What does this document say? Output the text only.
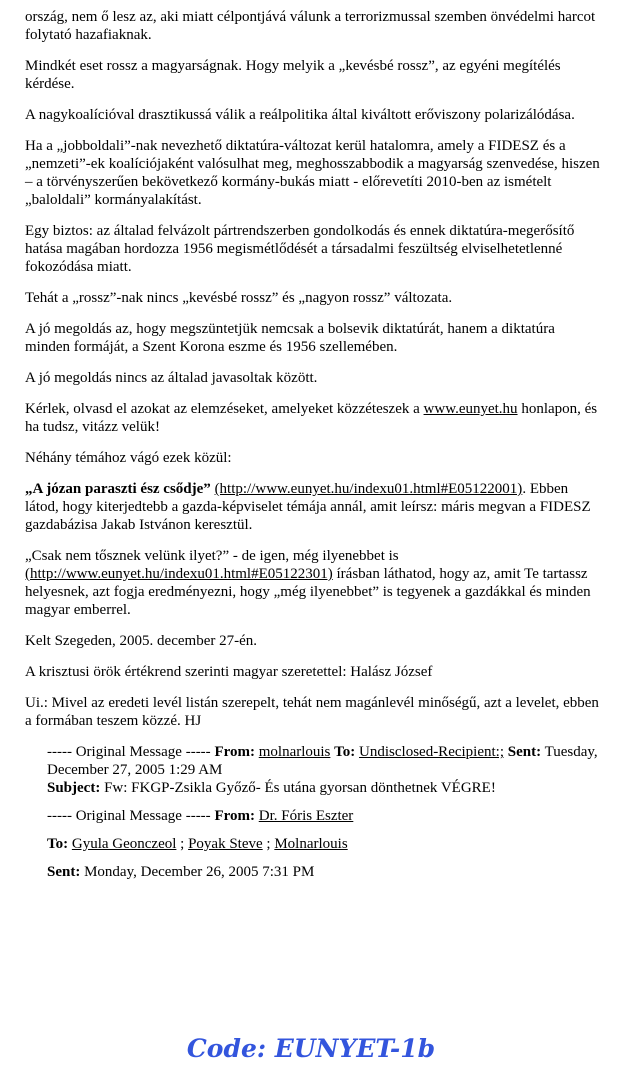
ország, nem ő lesz az, aki miatt célpontjává válunk a terrorizmussal szemben önvédelmi harcot folytató hazafiaknak.

Mindkét eset rossz a magyarságnak. Hogy melyik a „kevésbé rossz”, az egyéni megítélés kérdése.

A nagykoalícióval drasztikussá válik a reálpolitika által kiváltott erőviszony polarizálódása.

Ha a „jobboldali”-nak nevezhető diktatúra-változat kerül hatalomra, amely a FIDESZ és a „nemzeti”-ek koalíciójaként valósulhat meg, meghosszabbodik a magyarság szenvedése, hiszen – a törvényszerűen bekövetkező kormány-bukás miatt - előrevetíti 2010-ben az ismételt „baloldali” kormányalakítást.

Egy biztos: az általad felvázolt pártrendszerben gondolkodás és ennek diktatúra-megerősítő hatása magában hordozza 1956 megismétlődését a társadalmi feszültség elviselhetetlenné fokozódása miatt.

Tehát a „rossz”-nak nincs „kevésbé rossz” és „nagyon rossz” változata.

A jó megoldás az, hogy megszüntetjük nemcsak a bolsevik diktatúrát, hanem a diktatúra minden formáját, a Szent Korona eszme és 1956 szellemében.

A jó megoldás nincs az általad javasoltak között.

Kérlek, olvasd el azokat az elemzéseket, amelyeket közzéteszek a www.eunyet.hu honlapon, és ha tudsz, vitázz velük!

Néhány témához vágó ezek közül:

„A józan paraszti ész csődje” (http://www.eunyet.hu/indexu01.html#E05122001). Ebben látod, hogy kiterjedtebb a gazda-képviselet témája annál, amit leírsz: máris megvan a FIDESZ gazdabázisa Jakab Istvánon keresztül.

„Csak nem tősznek velünk ilyet?” - de igen, még ilyenebbet is (http://www.eunyet.hu/indexu01.html#E05122301) írásban láthatod, hogy az, amit Te tartassz helyesnek, azt fogja eredményezni, hogy „még ilyenebbet” is tegyenek a gazdákkal és minden magyar emberrel.

Kelt Szegeden, 2005. december 27-én.

A krisztusi örök értékrend szerinti magyar szeretettel: Halász József

Ui.: Mivel az eredeti levél listán szerepelt, tehát nem magánlevél minőségű, azt a levelet, ebben a formában teszem közzé. HJ

----- Original Message ----- From: molnarlouis To: Undisclosed-Recipient:; Sent: Tuesday, December 27, 2005 1:29 AM
Subject: Fw: FKGP-Zsikla Győző- És utána gyorsan dönthetnek VÉGRE!

----- Original Message ----- From: Dr. Fóris Eszter

To: Gyula Geonczeol ; Poyak Steve ; Molnarlouis

Sent: Monday, December 26, 2005 7:31 PM

Code: EUNYET-1b
